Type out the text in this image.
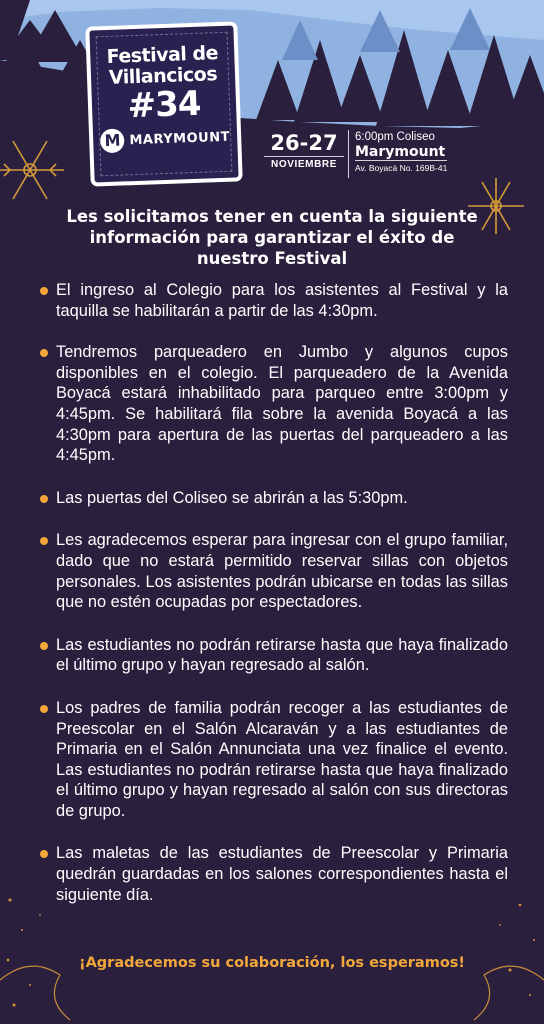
Festival de
Villancicos
#34
M MARYMOUNT	26-27
NOVIEMBRE
6:00pm Coliseo
Marymount
Av. Boyacá No. 169B-41
Les solicitamos tener en cuenta la siguiente información para garantizar el éxito de nuestro Festival
El ingreso al Colegio para los asistentes al Festival y la taquilla se habilitarán a partir de las 4:30pm.
Tendremos parqueadero en Jumbo y algunos cupos disponibles en el colegio. El parqueadero de la Avenida Boyacá estará inhabilitado para parqueo entre 3:00pm y 4:45pm. Se habilitará fila sobre la avenida Boyacá a las 4:30pm para apertura de las puertas del parqueadero a las 4:45pm.
Las puertas del Coliseo se abrirán a las 5:30pm.
Les agradecemos esperar para ingresar con el grupo familiar, dado que no estará permitido reservar sillas con objetos personales. Los asistentes podrán ubicarse en todas las sillas que no estén ocupadas por espectadores.
Las estudiantes no podrán retirarse hasta que haya finalizado el último grupo y hayan regresado al salón.
Los padres de familia podrán recoger a las estudiantes de Preescolar en el Salón Alcaraván y a las estudiantes de Primaria en el Salón Annunciata una vez finalice el evento. Las estudiantes no podrán retirarse hasta que haya finalizado el último grupo y hayan regresado al salón con sus directoras de grupo.
Las maletas de las estudiantes de Preescolar y Primaria quedrán guardadas en los salones correspondientes hasta el siguiente día.
¡Agradecemos su colaboración, los esperamos!
